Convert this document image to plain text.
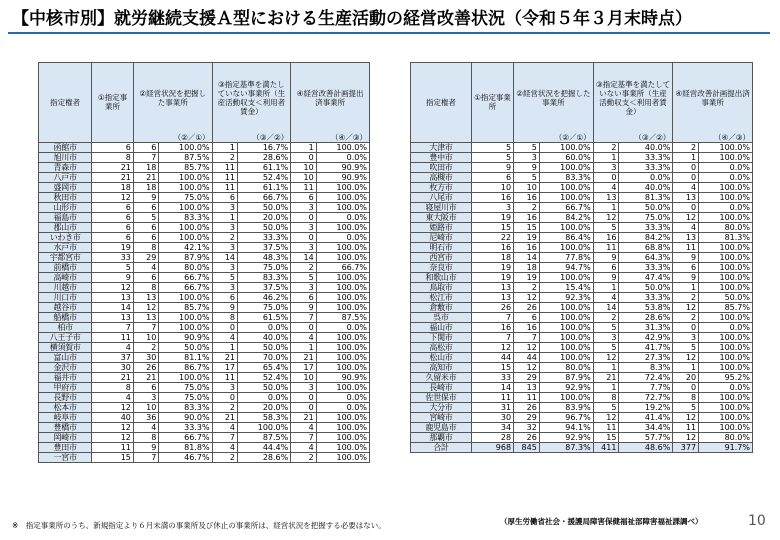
【中核市別】就労継続支援Ａ型における生産活動の経営改善状況（令和５年３月末時点）
指定権者	①指定事業所	②経営状況を把握した事業所		③指定基準を満たしていない事業所（生産活動収支＜利用者賃金）		④経営改善計画提出済事業所	
		（②／①）		（③／②）		（④／③）	
函館市	6	6	100.0%	1	16.7%	1	100.0%
旭川市	8	7	87.5%	2	28.6%	0	0.0%
青森市	21	18	85.7%	11	61.1%	10	90.9%
八戸市	21	21	100.0%	11	52.4%	10	90.9%
盛岡市	18	18	100.0%	11	61.1%	11	100.0%
秋田市	12	9	75.0%	6	66.7%	6	100.0%
山形市	6	6	100.0%	3	50.0%	3	100.0%
福島市	6	5	83.3%	1	20.0%	0	0.0%
郡山市	6	6	100.0%	3	50.0%	3	100.0%
いわき市	6	6	100.0%	2	33.3%	0	0.0%
水戸市	19	8	42.1%	3	37.5%	3	100.0%
宇都宮市	33	29	87.9%	14	48.3%	14	100.0%
前橋市	5	4	80.0%	3	75.0%	2	66.7%
高崎市	9	6	66.7%	5	83.3%	5	100.0%
川越市	12	8	66.7%	3	37.5%	3	100.0%
川口市	13	13	100.0%	6	46.2%	6	100.0%
越谷市	14	12	85.7%	9	75.0%	9	100.0%
船橋市	13	13	100.0%	8	61.5%	7	87.5%
柏市	7	7	100.0%	0	0.0%	0	0.0%
八王子市	11	10	90.9%	4	40.0%	4	100.0%
横須賀市	4	2	50.0%	1	50.0%	1	100.0%
富山市	37	30	81.1%	21	70.0%	21	100.0%
金沢市	30	26	86.7%	17	65.4%	17	100.0%
福井市	21	21	100.0%	11	52.4%	10	90.9%
甲府市	8	6	75.0%	3	50.0%	3	100.0%
長野市	4	3	75.0%	0	0.0%	0	0.0%
松本市	12	10	83.3%	2	20.0%	0	0.0%
岐阜市	40	36	90.0%	21	58.3%	21	100.0%
豊橋市	12	4	33.3%	4	100.0%	4	100.0%
岡崎市	12	8	66.7%	7	87.5%	7	100.0%
豊田市	11	9	81.8%	4	44.4%	4	100.0%
一宮市	15	7	46.7%	2	28.6%	2	100.0%
指定権者	①指定事業所	②経営状況を把握した事業所		③指定基準を満たしていない事業所（生産活動収支＜利用者賃金）		④経営改善計画提出済事業所	
		（②／①）		（③／②）		（④／③）	
大津市	5	5	100.0%	2	40.0%	2	100.0%
豊中市	5	3	60.0%	1	33.3%	1	100.0%
吹田市	9	9	100.0%	3	33.3%	0	0.0%
高槻市	6	5	83.3%	0	0.0%	0	0.0%
枚方市	10	10	100.0%	4	40.0%	4	100.0%
八尾市	16	16	100.0%	13	81.3%	13	100.0%
寝屋川市	3	2	66.7%	1	50.0%	0	0.0%
東大阪市	19	16	84.2%	12	75.0%	12	100.0%
姫路市	15	15	100.0%	5	33.3%	4	80.0%
尼崎市	22	19	86.4%	16	84.2%	13	81.3%
明石市	16	16	100.0%	11	68.8%	11	100.0%
西宮市	18	14	77.8%	9	64.3%	9	100.0%
奈良市	19	18	94.7%	6	33.3%	6	100.0%
和歌山市	19	19	100.0%	9	47.4%	9	100.0%
鳥取市	13	2	15.4%	1	50.0%	1	100.0%
松江市	13	12	92.3%	4	33.3%	2	50.0%
倉敷市	26	26	100.0%	14	53.8%	12	85.7%
呉市	7	6	100.0%	2	28.6%	2	100.0%
福山市	16	16	100.0%	5	31.3%	0	0.0%
下関市	7	7	100.0%	3	42.9%	3	100.0%
高松市	12	12	100.0%	5	41.7%	5	100.0%
松山市	44	44	100.0%	12	27.3%	12	100.0%
高知市	15	12	80.0%	1	8.3%	1	100.0%
久留米市	33	29	87.9%	21	72.4%	20	95.2%
長崎市	14	13	92.9%	1	7.7%	0	0.0%
佐世保市	11	11	100.0%	8	72.7%	8	100.0%
大分市	31	26	83.9%	5	19.2%	5	100.0%
宮崎市	30	29	96.7%	12	41.4%	12	100.0%
鹿児島市	34	32	94.1%	11	34.4%	11	100.0%
那覇市	28	26	92.9%	15	57.7%	12	80.0%
合計	968	845	87.3%	411	48.6%	377	91.7%
※　指定事業所のうち、新規指定より６月未満の事業所及び休止の事業所は、経営状況を把握する必要はない。	（厚生労働省社会・援護局障害保健福祉部障害福祉課調べ）	10
